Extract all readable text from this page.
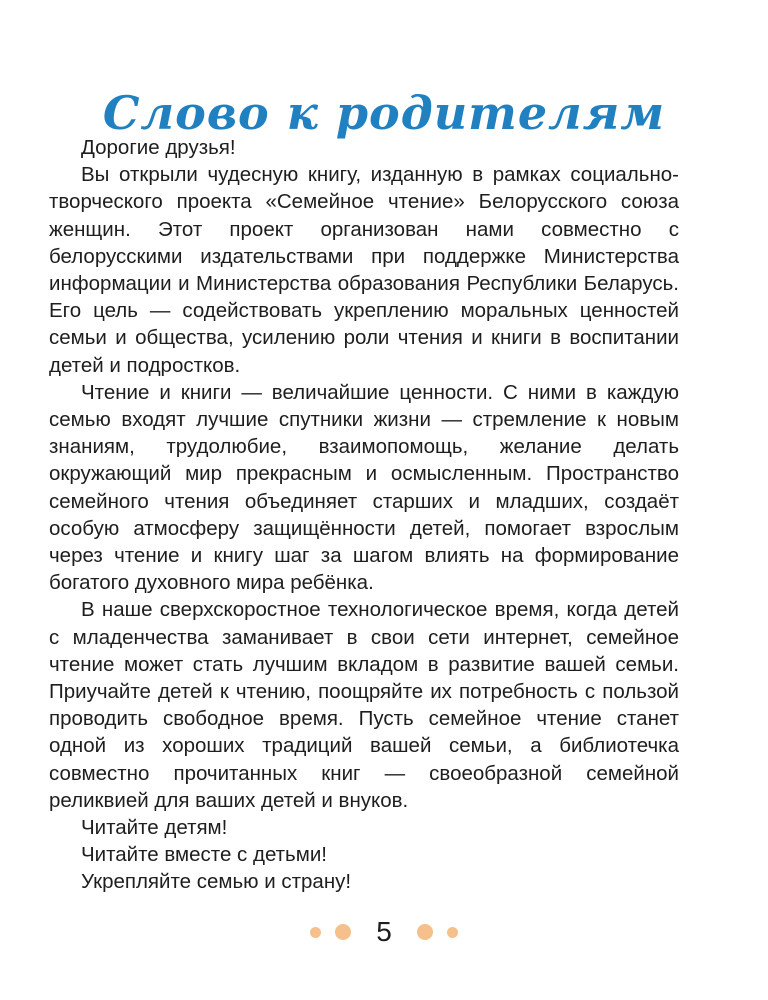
Слово к родителям

Дорогие друзья!

Вы открыли чудесную книгу, изданную в рамках социально-творческого проекта «Семейное чтение» Белорусского союза женщин. Этот проект организован нами совместно с белорусскими издательствами при поддержке Министерства информации и Министерства образования Республики Беларусь. Его цель — содействовать укреплению моральных ценностей семьи и общества, усилению роли чтения и книги в воспитании детей и подростков.

Чтение и книги — величайшие ценности. С ними в каждую семью входят лучшие спутники жизни — стремление к новым знаниям, трудолюбие, взаимопомощь, желание делать окружающий мир прекрасным и осмысленным. Пространство семейного чтения объединяет старших и младших, создаёт особую атмосферу защищённости детей, помогает взрослым через чтение и книгу шаг за шагом влиять на формирование богатого духовного мира ребёнка.

В наше сверхскоростное технологическое время, когда детей с младенчества заманивает в свои сети интернет, семейное чтение может стать лучшим вкладом в развитие вашей семьи. Приучайте детей к чтению, поощряйте их потребность с пользой проводить свободное время. Пусть семейное чтение станет одной из хороших традиций вашей семьи, а библиотечка совместно прочитанных книг — своеобразной семейной реликвией для ваших детей и внуков.

Читайте детям!

Читайте вместе с детьми!

Укрепляйте семью и страну!

5
